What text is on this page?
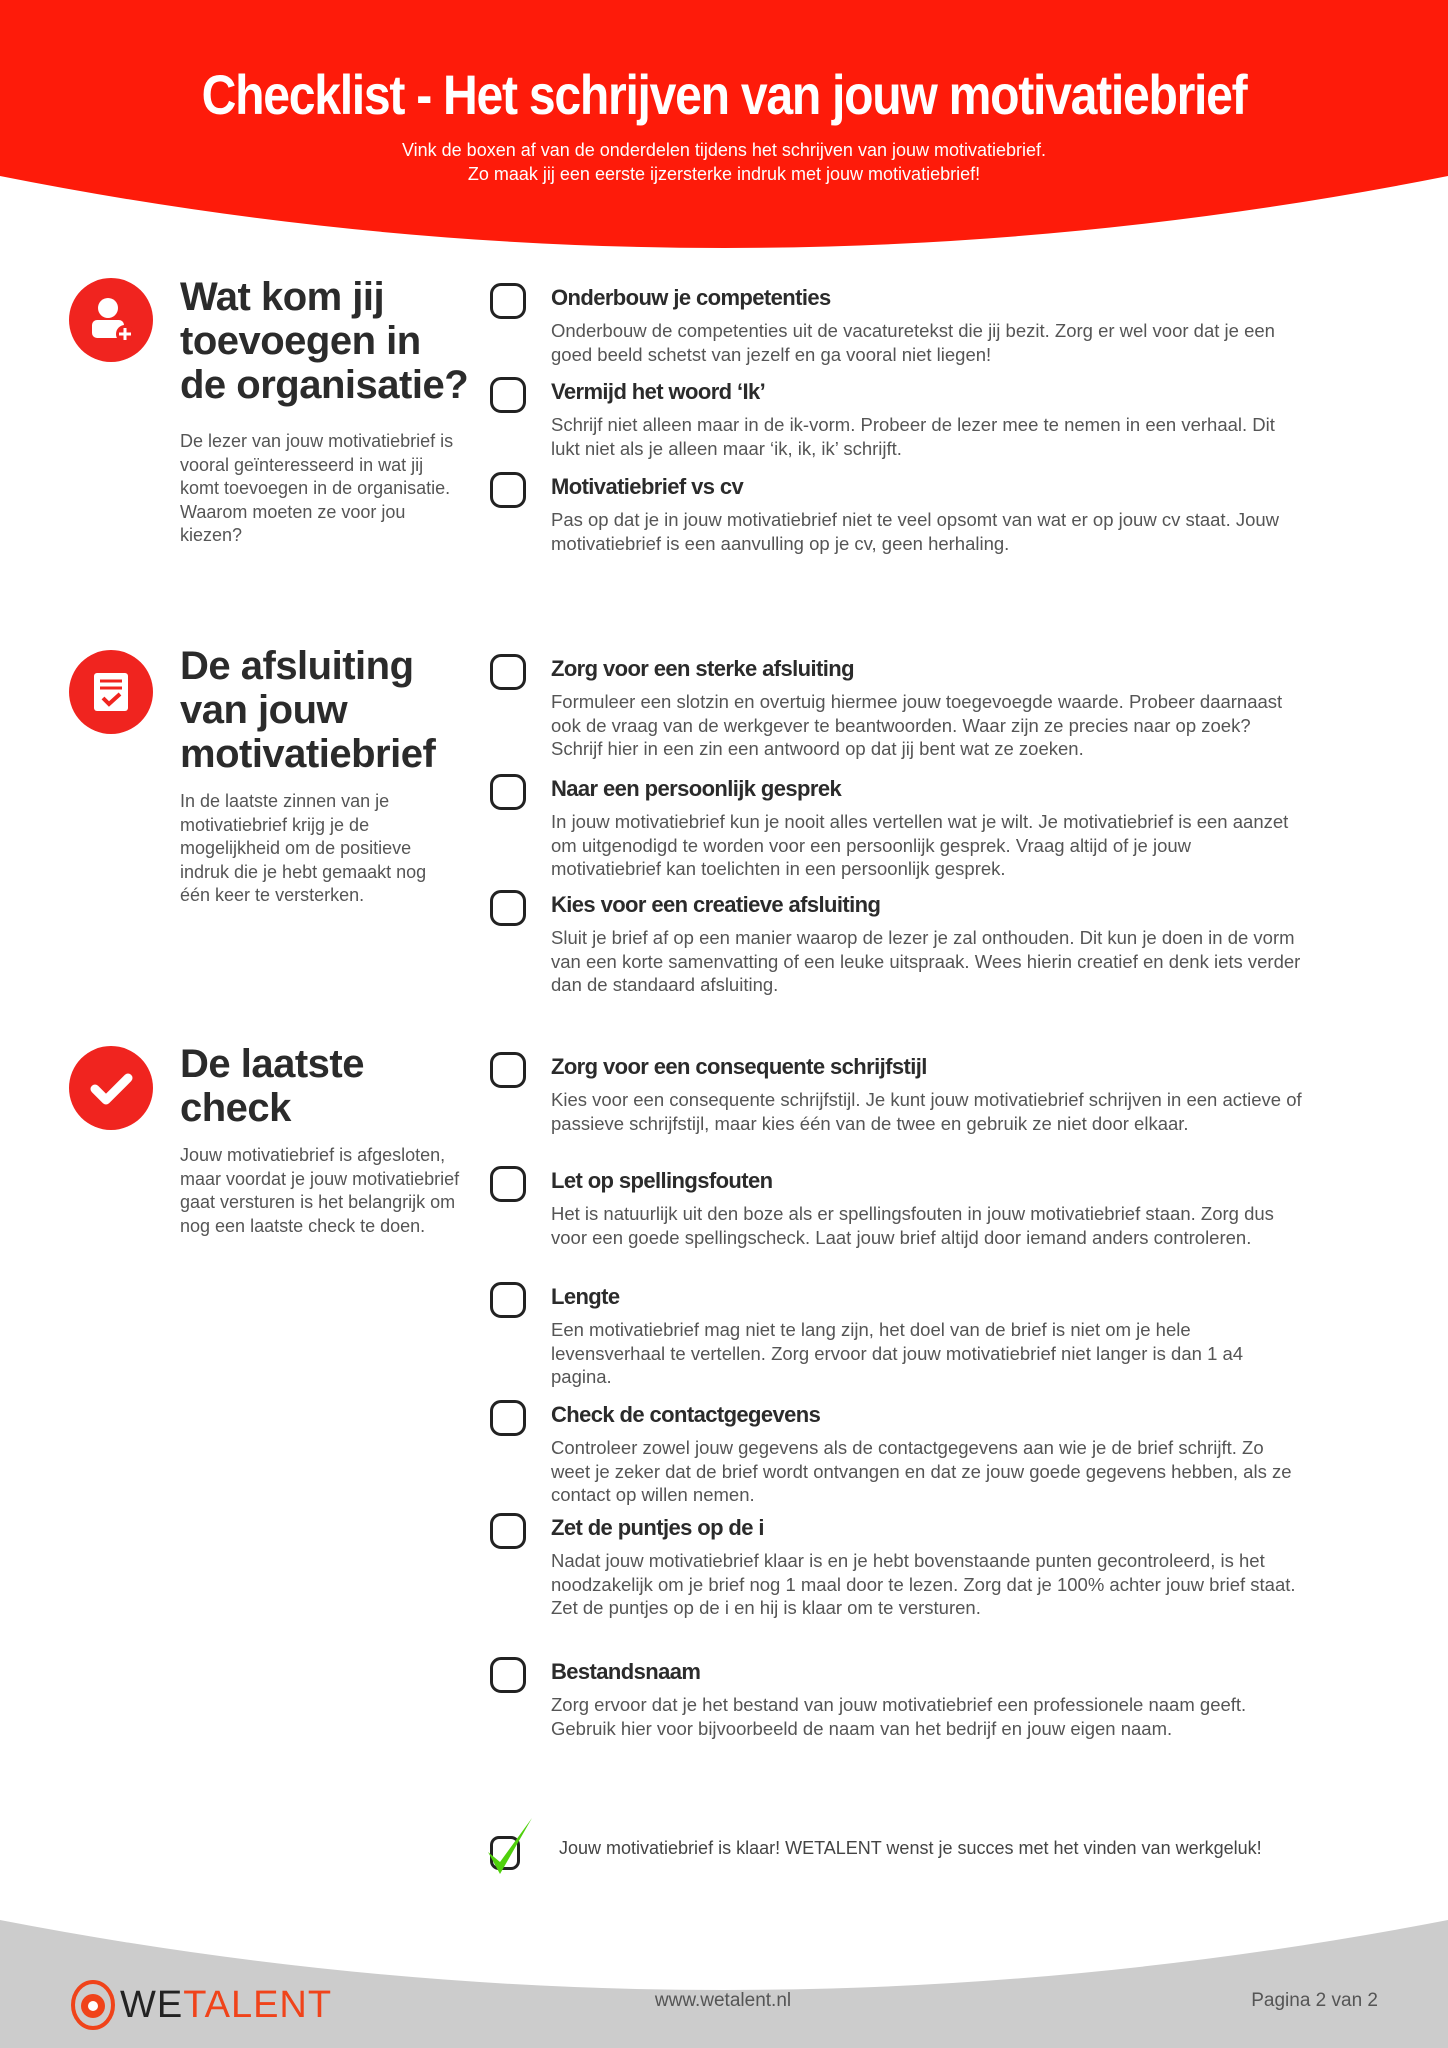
Checklist - Het schrijven van jouw motivatiebrief
Vink de boxen af van de onderdelen tijdens het schrijven van jouw motivatiebrief.
Zo maak jij een eerste ijzersterke indruk met jouw motivatiebrief!
Wat kom jij toevoegen in de organisatie?
De lezer van jouw motivatiebrief is vooral geïnteresseerd in wat jij komt toevoegen in de organisatie. Waarom moeten ze voor jou kiezen?
De afsluiting van jouw motivatiebrief
In de laatste zinnen van je motivatiebrief krijg je de mogelijkheid om de positieve indruk die je hebt gemaakt nog één keer te versterken.
De laatste check
Jouw motivatiebrief is afgesloten, maar voordat je jouw motivatiebrief gaat versturen is het belangrijk om nog een laatste check te doen.
Onderbouw je competenties
Onderbouw de competenties uit de vacaturetekst die jij bezit. Zorg er wel voor dat je een goed beeld schetst van jezelf en ga vooral niet liegen!
Vermijd het woord ‘Ik’
Schrijf niet alleen maar in de ik-vorm. Probeer de lezer mee te nemen in een verhaal. Dit lukt niet als je alleen maar ‘ik, ik, ik’ schrijft.
Motivatiebrief vs cv
Pas op dat je in jouw motivatiebrief niet te veel opsomt van wat er op jouw cv staat. Jouw motivatiebrief is een aanvulling op je cv, geen herhaling.
Zorg voor een sterke afsluiting
Formuleer een slotzin en overtuig hiermee jouw toegevoegde waarde. Probeer daarnaast ook de vraag van de werkgever te beantwoorden. Waar zijn ze precies naar op zoek? Schrijf hier in een zin een antwoord op dat jij bent wat ze zoeken.
Naar een persoonlijk gesprek
In jouw motivatiebrief kun je nooit alles vertellen wat je wilt. Je motivatiebrief is een aanzet om uitgenodigd te worden voor een persoonlijk gesprek. Vraag altijd of je jouw motivatiebrief kan toelichten in een persoonlijk gesprek.
Kies voor een creatieve afsluiting
Sluit je brief af op een manier waarop de lezer je zal onthouden. Dit kun je doen in de vorm van een korte samenvatting of een leuke uitspraak. Wees hierin creatief en denk iets verder dan de standaard afsluiting.
Zorg voor een consequente schrijfstijl
Kies voor een consequente schrijfstijl. Je kunt jouw motivatiebrief schrijven in een actieve of passieve schrijfstijl, maar kies één van de twee en gebruik ze niet door elkaar.
Let op spellingsfouten
Het is natuurlijk uit den boze als er spellingsfouten in jouw motivatiebrief staan. Zorg dus voor een goede spellingscheck. Laat jouw brief altijd door iemand anders controleren.
Lengte
Een motivatiebrief mag niet te lang zijn, het doel van de brief is niet om je hele levensverhaal te vertellen. Zorg ervoor dat jouw motivatiebrief niet langer is dan 1 a4 pagina.
Check de contactgegevens
Controleer zowel jouw gegevens als de contactgegevens aan wie je de brief schrijft. Zo weet je zeker dat de brief wordt ontvangen en dat ze jouw goede gegevens hebben, als ze contact op willen nemen.
Zet de puntjes op de i
Nadat jouw motivatiebrief klaar is en je hebt bovenstaande punten gecontroleerd, is het noodzakelijk om je brief nog 1 maal door te lezen. Zorg dat je 100% achter jouw brief staat. Zet de puntjes op de i en hij is klaar om te versturen.
Bestandsnaam
Zorg ervoor dat je het bestand van jouw motivatiebrief een professionele naam geeft. Gebruik hier voor bijvoorbeeld de naam van het bedrijf en jouw eigen naam.
Jouw motivatiebrief is klaar! WETALENT wenst je succes met het vinden van werkgeluk!
WE TALENT	www.wetalent.nl	Pagina 2 van 2
